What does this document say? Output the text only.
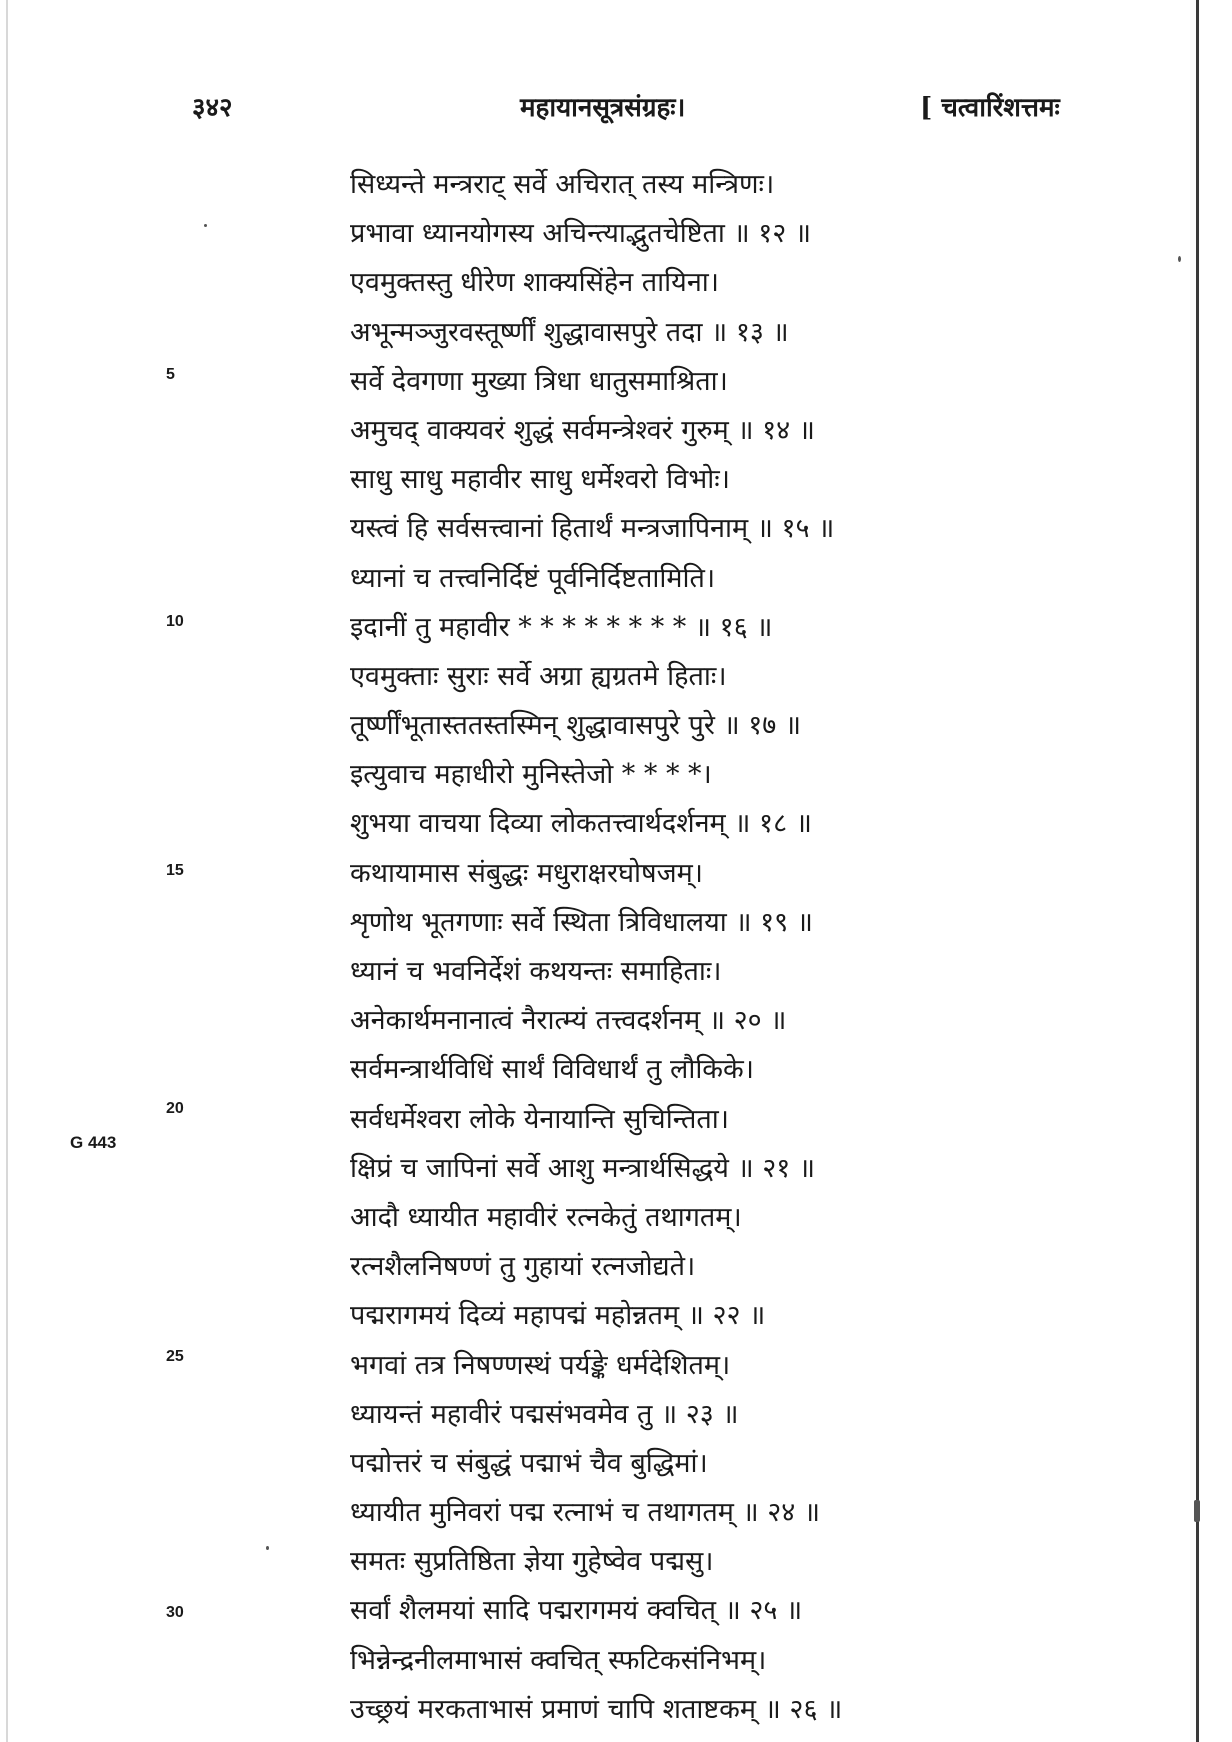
३४२	महायानसूत्रसंग्रहः।	[ चत्वारिंशत्तमः
5
10
15
20
25
30
G 443
सिध्यन्ते मन्त्रराट् सर्वे अचिरात् तस्य मन्त्रिणः।
प्रभावा ध्यानयोगस्य अचिन्त्याद्भुतचेष्टिता ॥ १२ ॥
एवमुक्तस्तु धीरेण शाक्यसिंहेन तायिना।
अभून्मञ्जुरवस्तूर्ष्णीं शुद्धावासपुरे तदा ॥ १३ ॥
सर्वे देवगणा मुख्या त्रिधा धातुसमाश्रिता।
अमुचद् वाक्यवरं शुद्धं सर्वमन्त्रेश्वरं गुरुम् ॥ १४ ॥
साधु साधु महावीर साधु धर्मेश्वरो विभोः।
यस्त्वं हि सर्वसत्त्वानां हितार्थं मन्त्रजापिनाम् ॥ १५ ॥
ध्यानां च तत्त्वनिर्दिष्टं पूर्वनिर्दिष्टतामिति।
इदानीं तु महावीर * * * * * * * * ॥ १६ ॥
एवमुक्ताः सुराः सर्वे अग्रा ह्यग्रतमे हिताः।
तूर्ष्णींभूतास्ततस्तस्मिन् शुद्धावासपुरे पुरे ॥ १७ ॥
इत्युवाच महाधीरो मुनिस्तेजो * * * *।
शुभया वाचया दिव्या लोकतत्त्वार्थदर्शनम् ॥ १८ ॥
कथायामास संबुद्धः मधुराक्षरघोषजम्।
शृणोथ भूतगणाः सर्वे स्थिता त्रिविधालया ॥ १९ ॥
ध्यानं च भवनिर्देशं कथयन्तः समाहिताः।
अनेकार्थमनानात्वं नैरात्म्यं तत्त्वदर्शनम् ॥ २० ॥
सर्वमन्त्रार्थविधिं सार्थं विविधार्थं तु लौकिके।
सर्वधर्मेश्वरा लोके येनायान्ति सुचिन्तिता।
क्षिप्रं च जापिनां सर्वे आशु मन्त्रार्थसिद्धये ॥ २१ ॥
आदौ ध्यायीत महावीरं रत्नकेतुं तथागतम्।
रत्नशैलनिषण्णं तु गुहायां रत्नजोद्यते।
पद्मरागमयं दिव्यं महापद्मं महोन्नतम् ॥ २२ ॥
भगवां तत्र निषण्णस्थं पर्यङ्के धर्मदेशितम्।
ध्यायन्तं महावीरं पद्मसंभवमेव तु ॥ २३ ॥
पद्मोत्तरं च संबुद्धं पद्माभं चैव बुद्धिमां।
ध्यायीत मुनिवरां पद्म रत्नाभं च तथागतम् ॥ २४ ॥
समतः सुप्रतिष्ठिता ज्ञेया गुहेष्वेव पद्मसु।
सर्वां शैलमयां सादि पद्मरागमयं क्वचित् ॥ २५ ॥
भिन्नेन्द्रनीलमाभासं क्वचित् स्फटिकसंनिभम्।
उच्छ्रयं मरकताभासं प्रमाणं चापि शताष्टकम् ॥ २६ ॥
